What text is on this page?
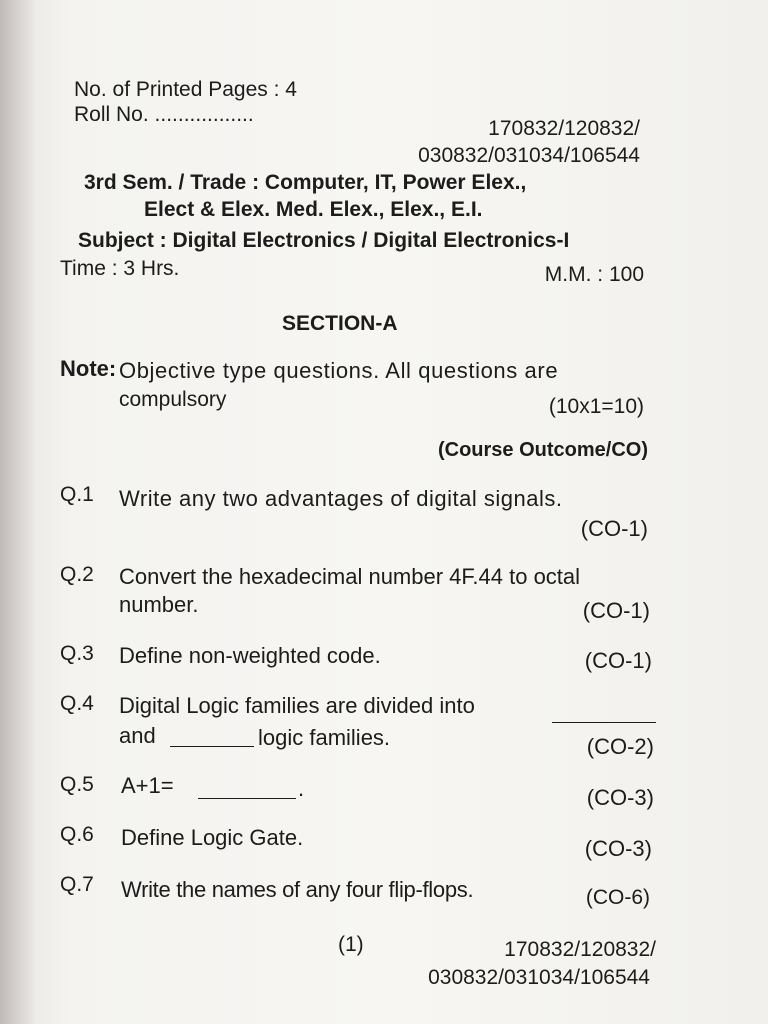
No. of Printed Pages : 4
Roll No. .................
170832/120832/
030832/031034/106544
3rd Sem. / Trade : Computer, IT, Power Elex.,
Elect & Elex. Med. Elex., Elex., E.I.
Subject : Digital Electronics / Digital Electronics-I
Time : 3 Hrs.	M.M. : 100
SECTION-A
Note: Objective type questions. All questions are
compulsory	(10x1=10)
(Course Outcome/CO)
Q.1 Write any two advantages of digital signals.
(CO-1)
Q.2 Convert the hexadecimal number 4F.44 to octal
number.	(CO-1)
Q.3 Define non-weighted code.	(CO-1)
Q.4 Digital Logic families are divided into
and	logic families.	(CO-2)
Q.5 A+1=	.	(CO-3)
Q.6 Define Logic Gate.	(CO-3)
Q.7 Write the names of any four flip-flops.	(CO-6)
(1)	170832/120832/
030832/031034/106544
